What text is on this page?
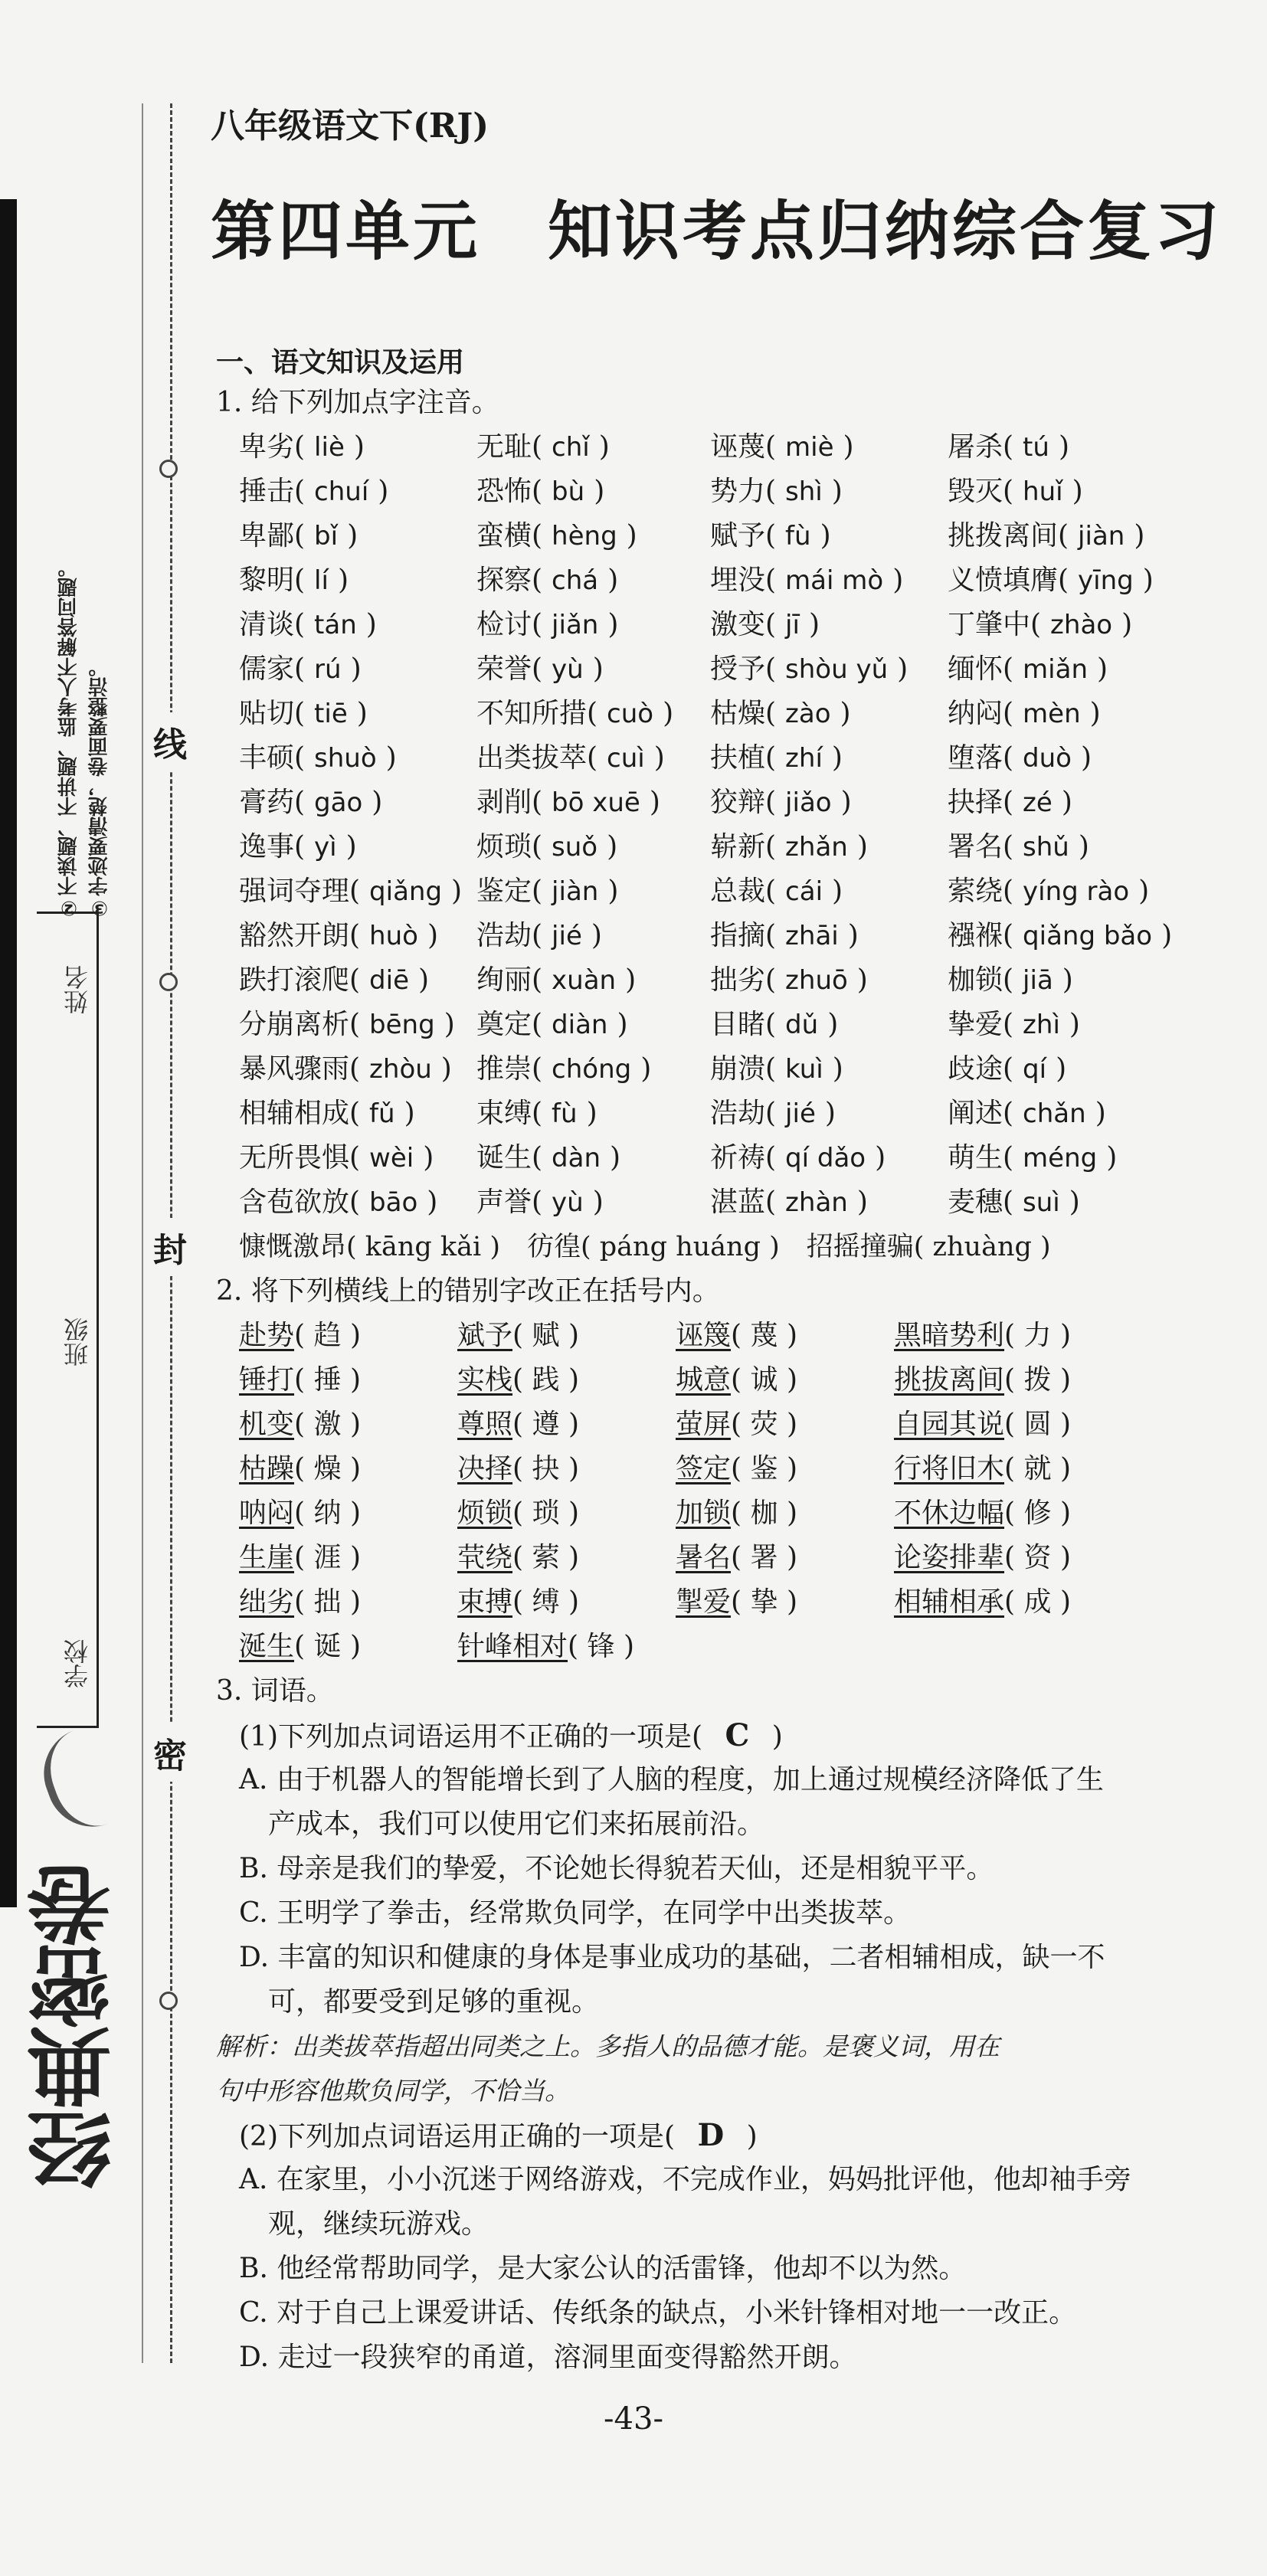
②不读题、不讲题、监考人不解答问题。 ③字迹要清楚，卷面要整洁。
姓名
班级
学校
经典密卷
线
封
密
八年级语文下(RJ)
第四单元　知识考点归纳综合复习
一、语文知识及运用
1. 给下列加点字注音。
卑劣( liè )	无耻( chǐ )	诬蔑( miè )	屠杀( tú )
捶击( chuí )	恐怖( bù )	势力( shì )	毁灭( huǐ )
卑鄙( bǐ )	蛮横( hèng )	赋予( fù )	挑拨离间( jiàn )
黎明( lí )	探察( chá )	埋没( mái mò )	义愤填膺( yīng )
清谈( tán )	检讨( jiǎn )	激变( jī )	丁肇中( zhào )
儒家( rú )	荣誉( yù )	授予( shòu yǔ )	缅怀( miǎn )
贴切( tiē )	不知所措( cuò )	枯燥( zào )	纳闷( mèn )
丰硕( shuò )	出类拔萃( cuì )	扶植( zhí )	堕落( duò )
膏药( gāo )	剥削( bō xuē )	狡辩( jiǎo )	抉择( zé )
逸事( yì )	烦琐( suǒ )	崭新( zhǎn )	署名( shǔ )
强词夺理( qiǎng ) 鉴定( jiàn )	总裁( cái )	萦绕( yíng rào )
豁然开朗( huò )	浩劫( jié )	指摘( zhāi )	襁褓( qiǎng bǎo )
跌打滚爬( diē )	绚丽( xuàn )	拙劣( zhuō )	枷锁( jiā )
分崩离析( bēng ) 奠定( diàn )	目睹( dǔ )	挚爱( zhì )
暴风骤雨( zhòu ) 推崇( chóng )	崩溃( kuì )	歧途( qí )
相辅相成( fǔ )	束缚( fù )	浩劫( jié )	阐述( chǎn )
无所畏惧( wèi )	诞生( dàn )	祈祷( qí dǎo )	萌生( méng )
含苞欲放( bāo )	声誉( yù )	湛蓝( zhàn )	麦穗( suì )
慷慨激昂( kāng kǎi )　彷徨( páng huáng )　招摇撞骗( zhuàng )
2. 将下列横线上的错别字改正在括号内。
赴势( 趋 )	斌予( 赋 )	诬篾( 蔑 )	黑暗势利( 力 )
锤打( 捶 )	实栈( 践 )	城意( 诚 )	挑拔离间( 拨 )
机变( 激 )	尊照( 遵 )	萤屏( 荧 )	自园其说( 圆 )
枯躁( 燥 )	决择( 抉 )	签定( 鉴 )	行将旧木( 就 )
呐闷( 纳 )	烦锁( 琐 )	加锁( 枷 )	不休边幅( 修 )
生崖( 涯 )	茕绕( 萦 )	暑名( 署 )	论姿排辈( 资 )
绌劣( 拙 )	束搏( 缚 )	掣爱( 挚 )	相辅相承( 成 )
涎生( 诞 )	针峰相对( 锋 )
3. 词语。
(1)下列加点词语运用不正确的一项是( C )
A. 由于机器人的智能增长到了人脑的程度，加上通过规模经济降低了生
产成本，我们可以使用它们来拓展前沿。
B. 母亲是我们的挚爱，不论她长得貌若天仙，还是相貌平平。
C. 王明学了拳击，经常欺负同学，在同学中出类拔萃。
D. 丰富的知识和健康的身体是事业成功的基础，二者相辅相成，缺一不
可，都要受到足够的重视。
解析：出类拔萃指超出同类之上。多指人的品德才能。是褒义词，用在
句中形容他欺负同学，不恰当。
(2)下列加点词语运用正确的一项是( D )
A. 在家里，小小沉迷于网络游戏，不完成作业，妈妈批评他，他却袖手旁
观，继续玩游戏。
B. 他经常帮助同学，是大家公认的活雷锋，他却不以为然。
C. 对于自己上课爱讲话、传纸条的缺点，小米针锋相对地一一改正。
D. 走过一段狭窄的甬道，溶洞里面变得豁然开朗。
-43-
